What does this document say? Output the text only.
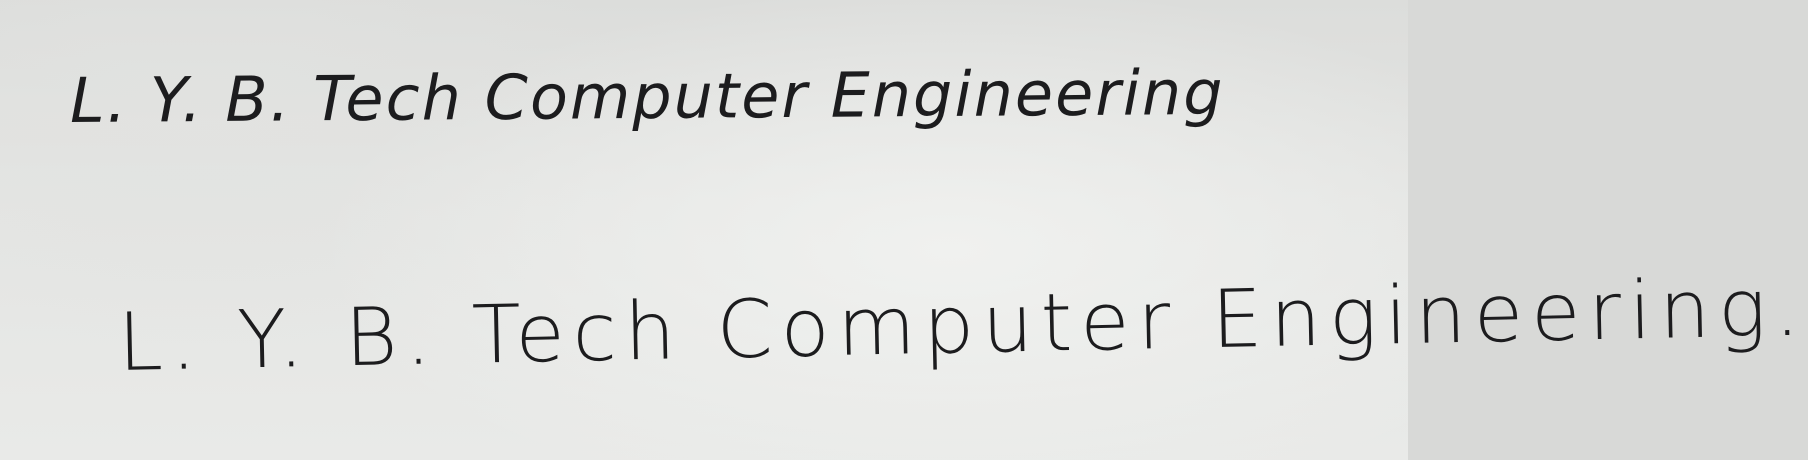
L. Y. B. Tech Computer Engineering
L. Y. B. Tech Computer Engineering.
